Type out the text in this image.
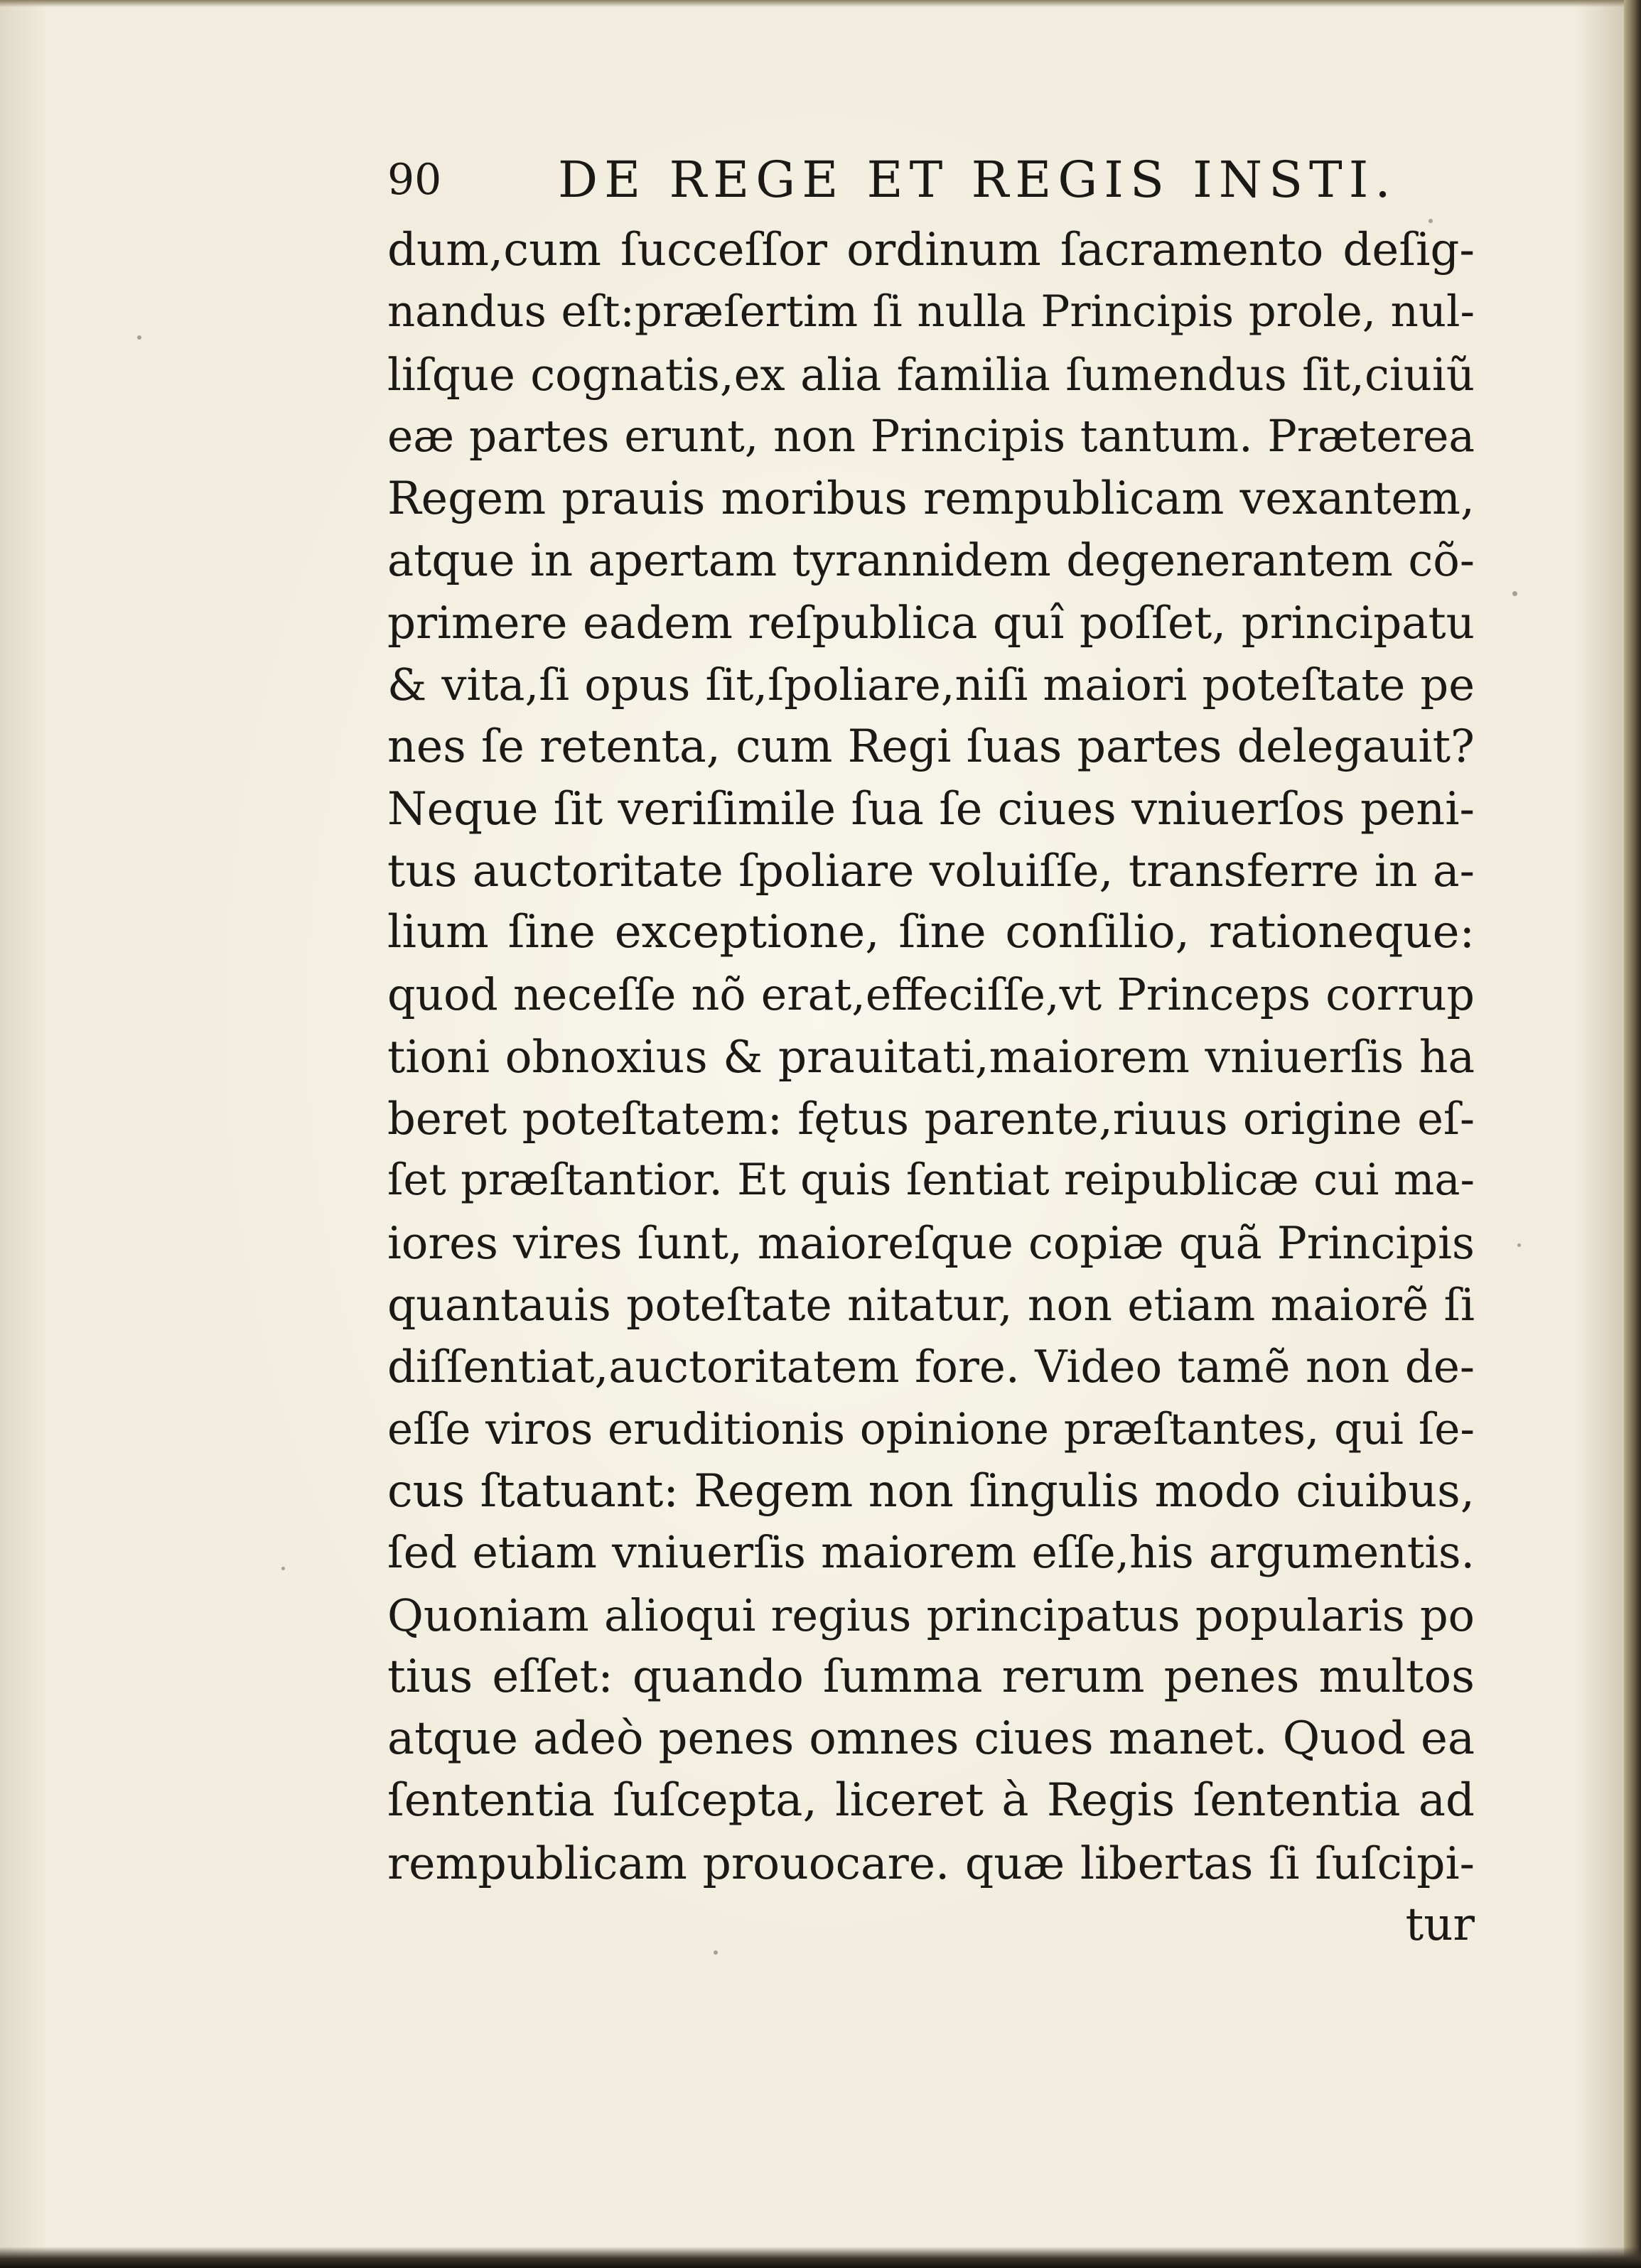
90 DE REGE ET REGIS INSTI.
dum,cum ſucceſſor ordinum ſacramento deſig-
nandus eſt:præſertim ſi nulla Principis prole, nul-
liſque cognatis,ex alia familia ſumendus ſit,ciuiũ
eæ partes erunt, non Principis tantum. Præterea
Regem prauis moribus rempublicam vexantem,
atque in apertam tyrannidem degenerantem cõ-
primere eadem reſpublica quî poſſet, principatu
& vita,ſi opus ſit,ſpoliare,niſi maiori poteſtate pe
nes ſe retenta, cum Regi ſuas partes delegauit?
Neque ſit veriſimile ſua ſe ciues vniuerſos peni-
tus auctoritate ſpoliare voluiſſe, transferre in a-
lium ſine exceptione, ſine conſilio, rationeque:
quod neceſſe nõ erat,effeciſſe,vt Princeps corrup
tioni obnoxius & prauitati,maiorem vniuerſis ha
beret poteſtatem: fętus parente,riuus origine eſ-
ſet præſtantior. Et quis ſentiat reipublicæ cui ma-
iores vires ſunt, maioreſque copiæ quã Principis
quantauis poteſtate nitatur, non etiam maiorẽ ſi
diſſentiat,auctoritatem fore. Video tamẽ non de-
eſſe viros eruditionis opinione præſtantes, qui ſe-
cus ſtatuant: Regem non ſingulis modo ciuibus,
ſed etiam vniuerſis maiorem eſſe,his argumentis.
Quoniam alioqui regius principatus popularis po
tius eſſet: quando ſumma rerum penes multos
atque adeò penes omnes ciues manet. Quod ea
ſententia ſuſcepta, liceret à Regis ſententia ad
rempublicam prouocare. quæ libertas ſi ſuſcipi-
tur
